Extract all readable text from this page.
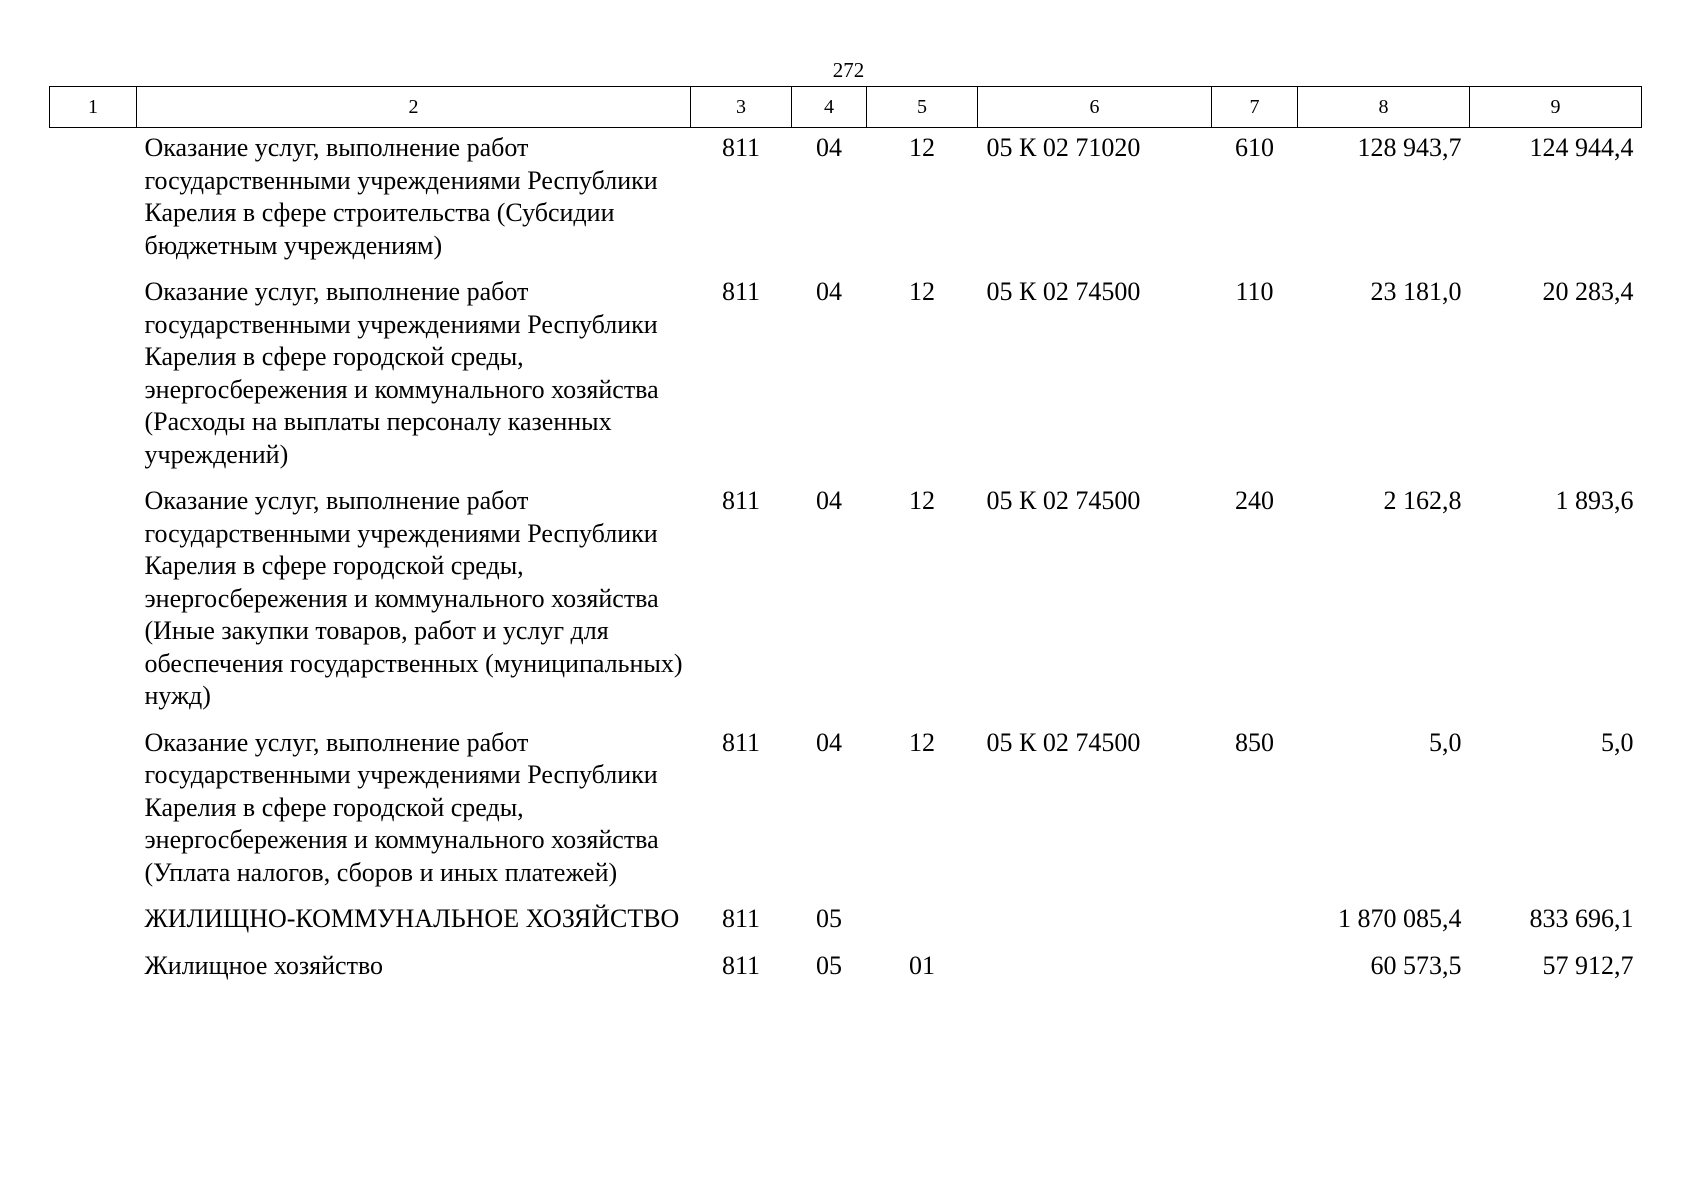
272
1	2	3	4	5	6	7	8	9
	Оказание услуг, выполнение работ государственными учреждениями Республики Карелия в сфере строительства (Субсидии бюджетным учреждениям)	811	04	12	05 К 02 71020	610	128 943,7	124 944,4
	Оказание услуг, выполнение работ государственными учреждениями Республики Карелия в сфере городской среды, энергосбережения и коммунального хозяйства (Расходы на выплаты персоналу казенных учреждений)	811	04	12	05 К 02 74500	110	23 181,0	20 283,4
	Оказание услуг, выполнение работ государственными учреждениями Республики Карелия в сфере городской среды, энергосбережения и коммунального хозяйства (Иные закупки товаров, работ и услуг для обеспечения государственных (муниципальных) нужд)	811	04	12	05 К 02 74500	240	2 162,8	1 893,6
	Оказание услуг, выполнение работ государственными учреждениями Республики Карелия в сфере городской среды, энергосбережения и коммунального хозяйства (Уплата налогов, сборов и иных платежей)	811	04	12	05 К 02 74500	850	5,0	5,0
	ЖИЛИЩНО-КОММУНАЛЬНОЕ ХОЗЯЙСТВО	811	05				1 870 085,4	833 696,1
	Жилищное хозяйство	811	05	01			60 573,5	57 912,7
